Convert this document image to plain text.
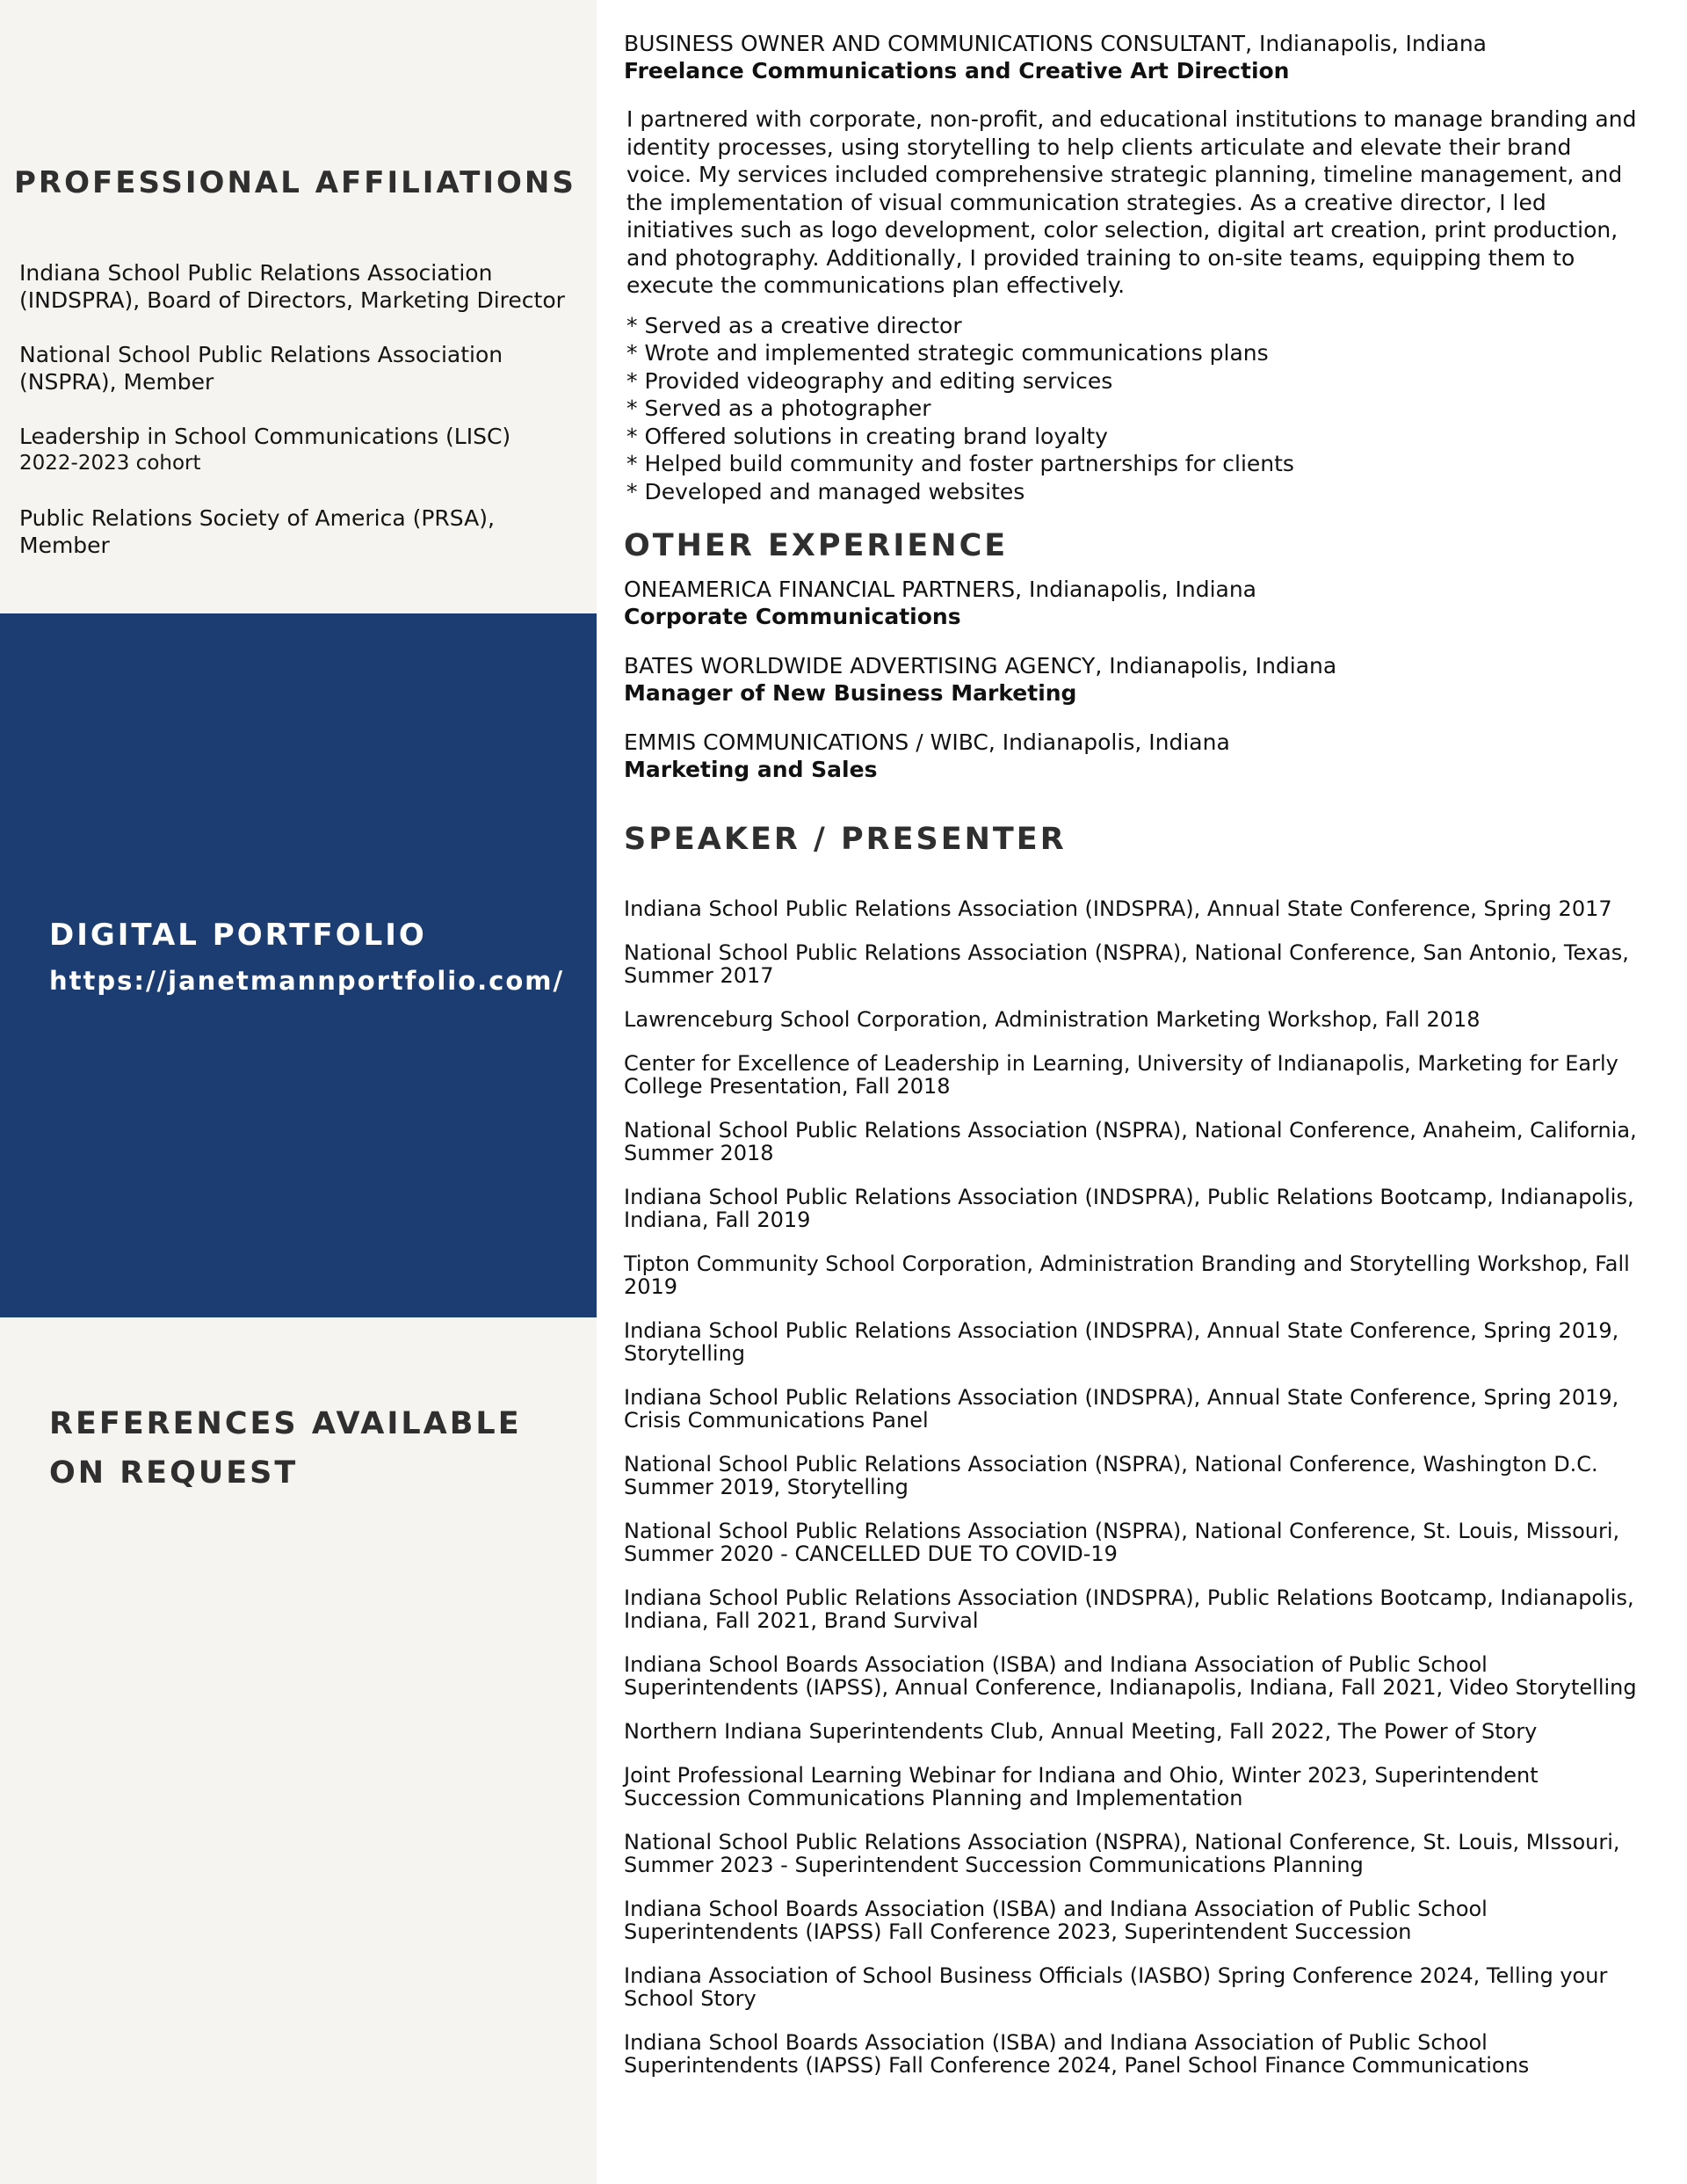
PROFESSIONAL AFFILIATIONS
Indiana School Public Relations Association (INDSPRA), Board of Directors, Marketing Director
National School Public Relations Association (NSPRA), Member
Leadership in School Communications (LISC)
2022-2023 cohort
Public Relations Society of America (PRSA), Member
DIGITAL PORTFOLIO
https://janetmannportfolio.com/
REFERENCES AVAILABLE
ON REQUEST
BUSINESS OWNER AND COMMUNICATIONS CONSULTANT, Indianapolis, Indiana
Freelance Communications and Creative Art Direction
I partnered with corporate, non-profit, and educational institutions to manage branding and identity processes, using storytelling to help clients articulate and elevate their brand voice. My services included comprehensive strategic planning, timeline management, and the implementation of visual communication strategies. As a creative director, I led initiatives such as logo development, color selection, digital art creation, print production, and photography. Additionally, I provided training to on-site teams, equipping them to execute the communications plan effectively.
* Served as a creative director
* Wrote and implemented strategic communications plans
* Provided videography and editing services
* Served as a photographer
* Offered solutions in creating brand loyalty
* Helped build community and foster partnerships for clients
* Developed and managed websites
OTHER EXPERIENCE
ONEAMERICA FINANCIAL PARTNERS, Indianapolis, Indiana
Corporate Communications
BATES WORLDWIDE ADVERTISING AGENCY, Indianapolis, Indiana
Manager of New Business Marketing
EMMIS COMMUNICATIONS / WIBC, Indianapolis, Indiana
Marketing and Sales
SPEAKER / PRESENTER
Indiana School Public Relations Association (INDSPRA), Annual State Conference, Spring 2017
National School Public Relations Association (NSPRA), National Conference, San Antonio, Texas, Summer 2017
Lawrenceburg School Corporation, Administration Marketing Workshop, Fall 2018
Center for Excellence of Leadership in Learning, University of Indianapolis, Marketing for Early College Presentation, Fall 2018
National School Public Relations Association (NSPRA), National Conference, Anaheim, California, Summer 2018
Indiana School Public Relations Association (INDSPRA), Public Relations Bootcamp, Indianapolis, Indiana, Fall 2019
Tipton Community School Corporation, Administration Branding and Storytelling Workshop, Fall 2019
Indiana School Public Relations Association (INDSPRA), Annual State Conference, Spring 2019, Storytelling
Indiana School Public Relations Association (INDSPRA), Annual State Conference, Spring 2019, Crisis Communications Panel
National School Public Relations Association (NSPRA), National Conference, Washington D.C. Summer 2019, Storytelling
National School Public Relations Association (NSPRA), National Conference, St. Louis, Missouri, Summer 2020 - CANCELLED DUE TO COVID-19
Indiana School Public Relations Association (INDSPRA), Public Relations Bootcamp, Indianapolis, Indiana, Fall 2021, Brand Survival
Indiana School Boards Association (ISBA) and Indiana Association of Public School Superintendents (IAPSS), Annual Conference, Indianapolis, Indiana, Fall 2021, Video Storytelling
Northern Indiana Superintendents Club, Annual Meeting, Fall 2022, The Power of Story
Joint Professional Learning Webinar for Indiana and Ohio, Winter 2023, Superintendent Succession Communications Planning and Implementation
National School Public Relations Association (NSPRA), National Conference, St. Louis, MIssouri, Summer 2023 - Superintendent Succession Communications Planning
Indiana School Boards Association (ISBA) and Indiana Association of Public School Superintendents (IAPSS) Fall Conference 2023, Superintendent Succession
Indiana Association of School Business Officials (IASBO) Spring Conference 2024, Telling your School Story
Indiana School Boards Association (ISBA) and Indiana Association of Public School Superintendents (IAPSS) Fall Conference 2024, Panel School Finance Communications
